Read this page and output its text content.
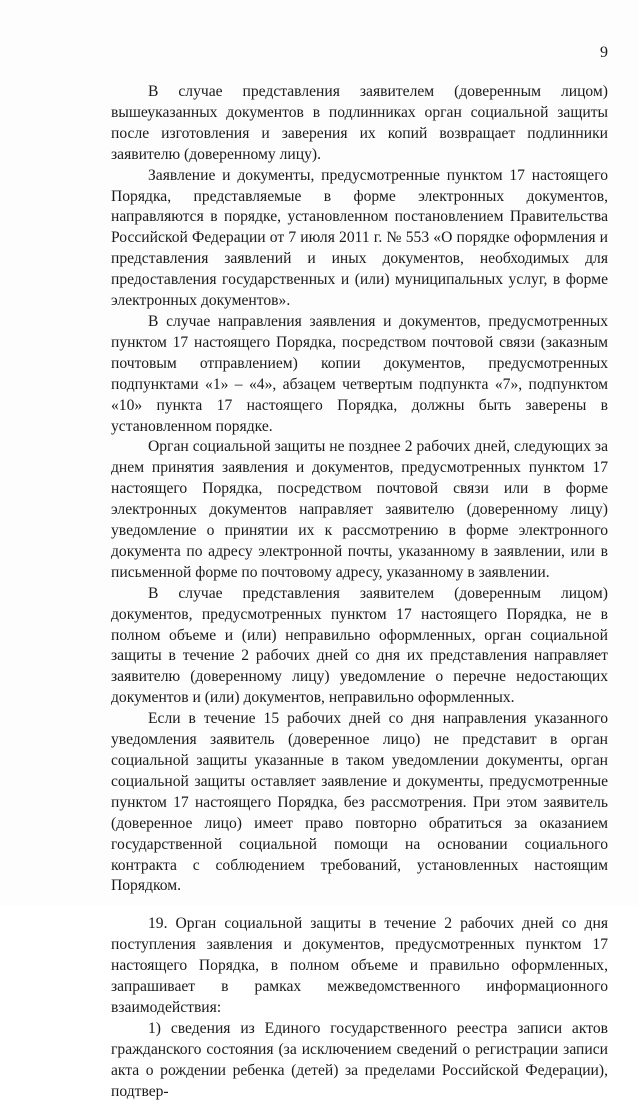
9

В случае представления заявителем (доверенным лицом) вышеуказанных документов в подлинниках орган социальной защиты после изготовления и заверения их копий возвращает подлинники заявителю (доверенному лицу).

Заявление и документы, предусмотренные пунктом 17 настоящего Порядка, представляемые в форме электронных документов, направляются в порядке, установленном постановлением Правительства Российской Федерации от 7 июля 2011 г. № 553 «О порядке оформления и представления заявлений и иных документов, необходимых для предоставления государственных и (или) муниципальных услуг, в форме электронных документов».

В случае направления заявления и документов, предусмотренных пунктом 17 настоящего Порядка, посредством почтовой связи (заказным почтовым отправлением) копии документов, предусмотренных подпунктами «1» – «4», абзацем четвертым подпункта «7», подпунктом «10» пункта 17 настоящего Порядка, должны быть заверены в установленном порядке.

Орган социальной защиты не позднее 2 рабочих дней, следующих за днем принятия заявления и документов, предусмотренных пунктом 17 настоящего Порядка, посредством почтовой связи или в форме электронных документов направляет заявителю (доверенному лицу) уведомление о принятии их к рассмотрению в форме электронного документа по адресу электронной почты, указанному в заявлении, или в письменной форме по почтовому адресу, указанному в заявлении.

В случае представления заявителем (доверенным лицом) документов, предусмотренных пунктом 17 настоящего Порядка, не в полном объеме и (или) неправильно оформленных, орган социальной защиты в течение 2 рабочих дней со дня их представления направляет заявителю (доверенному лицу) уведомление о перечне недостающих документов и (или) документов, неправильно оформленных.

Если в течение 15 рабочих дней со дня направления указанного уведомления заявитель (доверенное лицо) не представит в орган социальной защиты указанные в таком уведомлении документы, орган социальной защиты оставляет заявление и документы, предусмотренные пунктом 17 настоящего Порядка, без рассмотрения. При этом заявитель (доверенное лицо) имеет право повторно обратиться за оказанием государственной социальной помощи на основании социального контракта с соблюдением требований, установленных настоящим Порядком.

19. Орган социальной защиты в течение 2 рабочих дней со дня поступления заявления и документов, предусмотренных пунктом 17 настоящего Порядка, в полном объеме и правильно оформленных, запрашивает в рамках межведомственного информационного взаимодействия:

1) сведения из Единого государственного реестра записи актов гражданского состояния (за исключением сведений о регистрации записи акта о рождении ребенка (детей) за пределами Российской Федерации), подтвер-
